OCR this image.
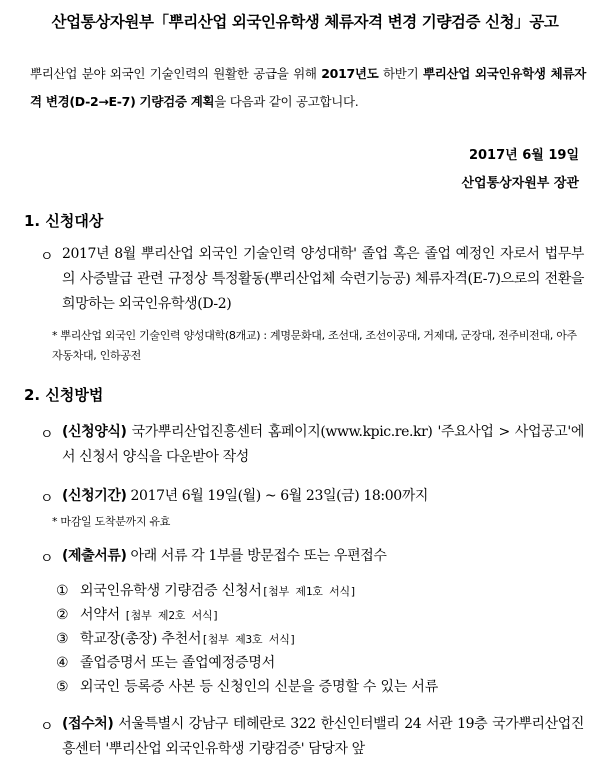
산업통상자원부「뿌리산업 외국인유학생 체류자격 변경 기량검증 신청」공고
뿌리산업 분야 외국인 기술인력의 원활한 공급을 위해 2017년도 하반기 뿌리산업 외국인유학생 체류자격 변경(D-2→E-7) 기량검증 계획을 다음과 같이 공고합니다.
2017년 6월 19일
산업통상자원부 장관
1. 신청대상
ㅇ 2017년 8월 뿌리산업 외국인 기술인력 양성대학' 졸업 혹은 졸업 예정인 자로서 법무부의 사증발급 관련 규정상 특정활동(뿌리산업체 숙련기능공) 체류자격(E-7)으로의 전환을 희망하는 외국인유학생(D-2)
* 뿌리산업 외국인 기술인력 양성대학(8개교) : 계명문화대, 조선대, 조선이공대, 거제대, 군장대, 전주비전대, 아주자동차대, 인하공전
2. 신청방법
ㅇ (신청양식) 국가뿌리산업진흥센터 홈페이지(www.kpic.re.kr) '주요사업 > 사업공고'에서 신청서 양식을 다운받아 작성
ㅇ (신청기간) 2017년 6월 19일(월) ~ 6월 23일(금) 18:00까지
* 마감일 도착분까지 유효
ㅇ (제출서류) 아래 서류 각 1부를 방문접수 또는 우편접수
① 외국인유학생 기량검증 신청서[첨부 제1호 서식]
② 서약서 [첨부 제2호 서식]
③ 학교장(총장) 추천서[첨부 제3호 서식]
④ 졸업증명서 또는 졸업예정증명서
⑤ 외국인 등록증 사본 등 신청인의 신분을 증명할 수 있는 서류
ㅇ (접수처) 서울특별시 강남구 테헤란로 322 한신인터밸리 24 서관 19층 국가뿌리산업진흥센터 '뿌리산업 외국인유학생 기량검증' 담당자 앞
